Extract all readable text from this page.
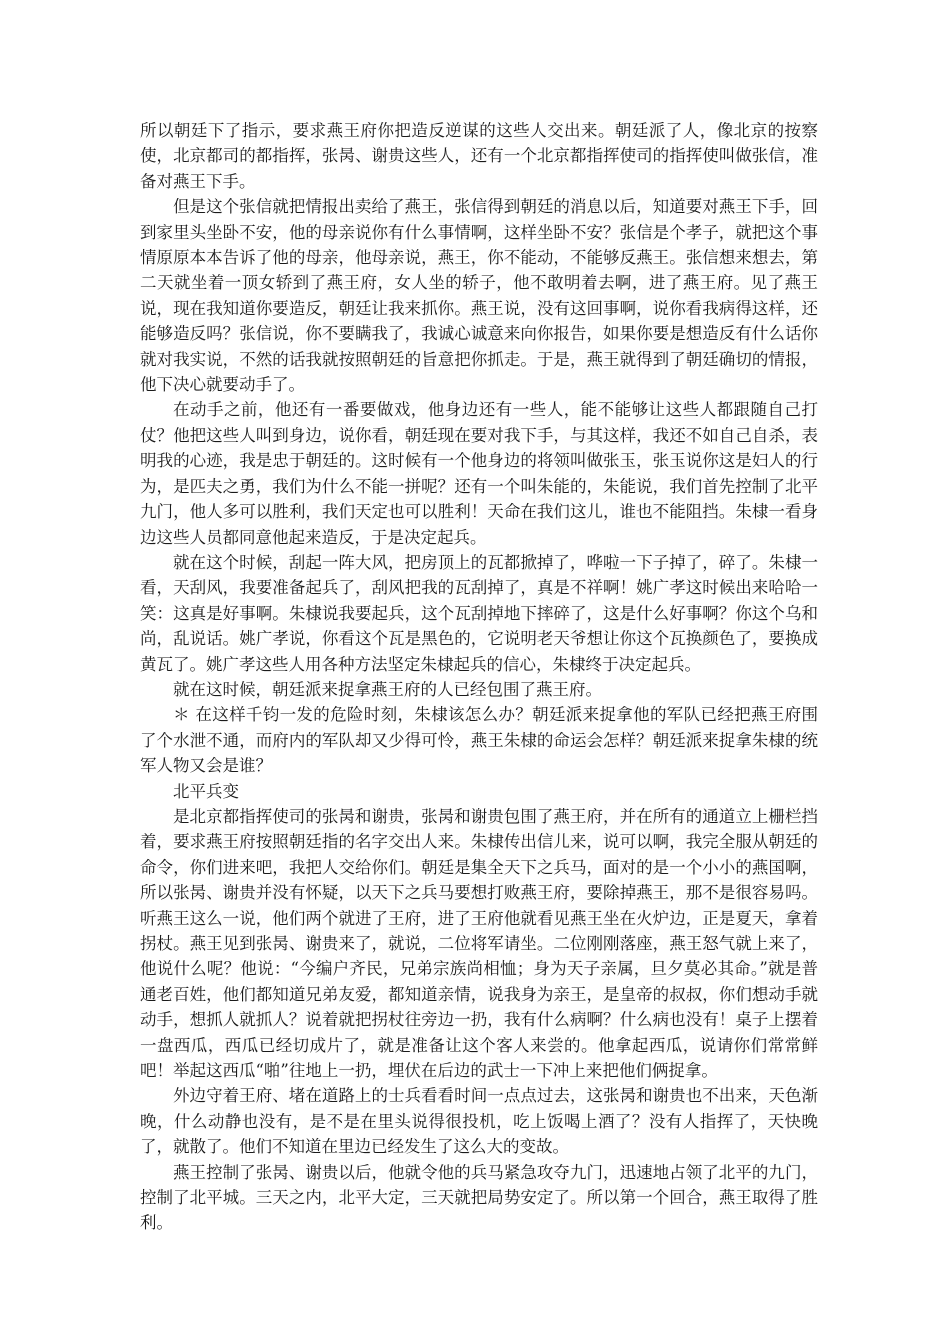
所以朝廷下了指示，要求燕王府你把造反逆谋的这些人交出来。朝廷派了人，像北京的按察使，北京都司的都指挥，张昺、谢贵这些人，还有一个北京都指挥使司的指挥使叫做张信，准备对燕王下手。

但是这个张信就把情报出卖给了燕王，张信得到朝廷的消息以后，知道要对燕王下手，回到家里头坐卧不安，他的母亲说你有什么事情啊，这样坐卧不安？张信是个孝子，就把这个事情原原本本告诉了他的母亲，他母亲说，燕王，你不能动，不能够反燕王。张信想来想去，第二天就坐着一顶女轿到了燕王府，女人坐的轿子，他不敢明着去啊，进了燕王府。见了燕王说，现在我知道你要造反，朝廷让我来抓你。燕王说，没有这回事啊，说你看我病得这样，还能够造反吗？张信说，你不要瞒我了，我诚心诚意来向你报告，如果你要是想造反有什么话你就对我实说，不然的话我就按照朝廷的旨意把你抓走。于是，燕王就得到了朝廷确切的情报，他下决心就要动手了。

在动手之前，他还有一番要做戏，他身边还有一些人，能不能够让这些人都跟随自己打仗？他把这些人叫到身边，说你看，朝廷现在要对我下手，与其这样，我还不如自己自杀，表明我的心迹，我是忠于朝廷的。这时候有一个他身边的将领叫做张玉，张玉说你这是妇人的行为，是匹夫之勇，我们为什么不能一拼呢？还有一个叫朱能的，朱能说，我们首先控制了北平九门，他人多可以胜利，我们天定也可以胜利！天命在我们这儿，谁也不能阻挡。朱棣一看身边这些人员都同意他起来造反，于是决定起兵。

就在这个时候，刮起一阵大风，把房顶上的瓦都掀掉了，哗啦一下子掉了，碎了。朱棣一看，天刮风，我要准备起兵了，刮风把我的瓦刮掉了，真是不祥啊！姚广孝这时候出来哈哈一笑：这真是好事啊。朱棣说我要起兵，这个瓦刮掉地下摔碎了，这是什么好事啊？你这个乌和尚，乱说话。姚广孝说，你看这个瓦是黑色的，它说明老天爷想让你这个瓦换颜色了，要换成黄瓦了。姚广孝这些人用各种方法坚定朱棣起兵的信心，朱棣终于决定起兵。

就在这时候，朝廷派来捉拿燕王府的人已经包围了燕王府。

＊ 在这样千钧一发的危险时刻，朱棣该怎么办？朝廷派来捉拿他的军队已经把燕王府围了个水泄不通，而府内的军队却又少得可怜，燕王朱棣的命运会怎样？朝廷派来捉拿朱棣的统军人物又会是谁？

北平兵变

是北京都指挥使司的张昺和谢贵，张昺和谢贵包围了燕王府，并在所有的通道立上栅栏挡着，要求燕王府按照朝廷指的名字交出人来。朱棣传出信儿来，说可以啊，我完全服从朝廷的命令，你们进来吧，我把人交给你们。朝廷是集全天下之兵马，面对的是一个小小的燕国啊，所以张昺、谢贵并没有怀疑，以天下之兵马要想打败燕王府，要除掉燕王，那不是很容易吗。听燕王这么一说，他们两个就进了王府，进了王府他就看见燕王坐在火炉边，正是夏天，拿着拐杖。燕王见到张昺、谢贵来了，就说，二位将军请坐。二位刚刚落座，燕王怒气就上来了，他说什么呢？他说：“今编户齐民，兄弟宗族尚相恤；身为天子亲属，旦夕莫必其命。”就是普通老百姓，他们都知道兄弟友爱，都知道亲情，说我身为亲王，是皇帝的叔叔，你们想动手就动手，想抓人就抓人？说着就把拐杖往旁边一扔，我有什么病啊？什么病也没有！桌子上摆着一盘西瓜，西瓜已经切成片了，就是准备让这个客人来尝的。他拿起西瓜，说请你们常常鲜吧！举起这西瓜“啪”往地上一扔，埋伏在后边的武士一下冲上来把他们俩捉拿。

外边守着王府、堵在道路上的士兵看看时间一点点过去，这张昺和谢贵也不出来，天色渐晚，什么动静也没有，是不是在里头说得很投机，吃上饭喝上酒了？没有人指挥了，天快晚了，就散了。他们不知道在里边已经发生了这么大的变故。

燕王控制了张昺、谢贵以后，他就令他的兵马紧急攻夺九门，迅速地占领了北平的九门，控制了北平城。三天之内，北平大定，三天就把局势安定了。所以第一个回合，燕王取得了胜利。
